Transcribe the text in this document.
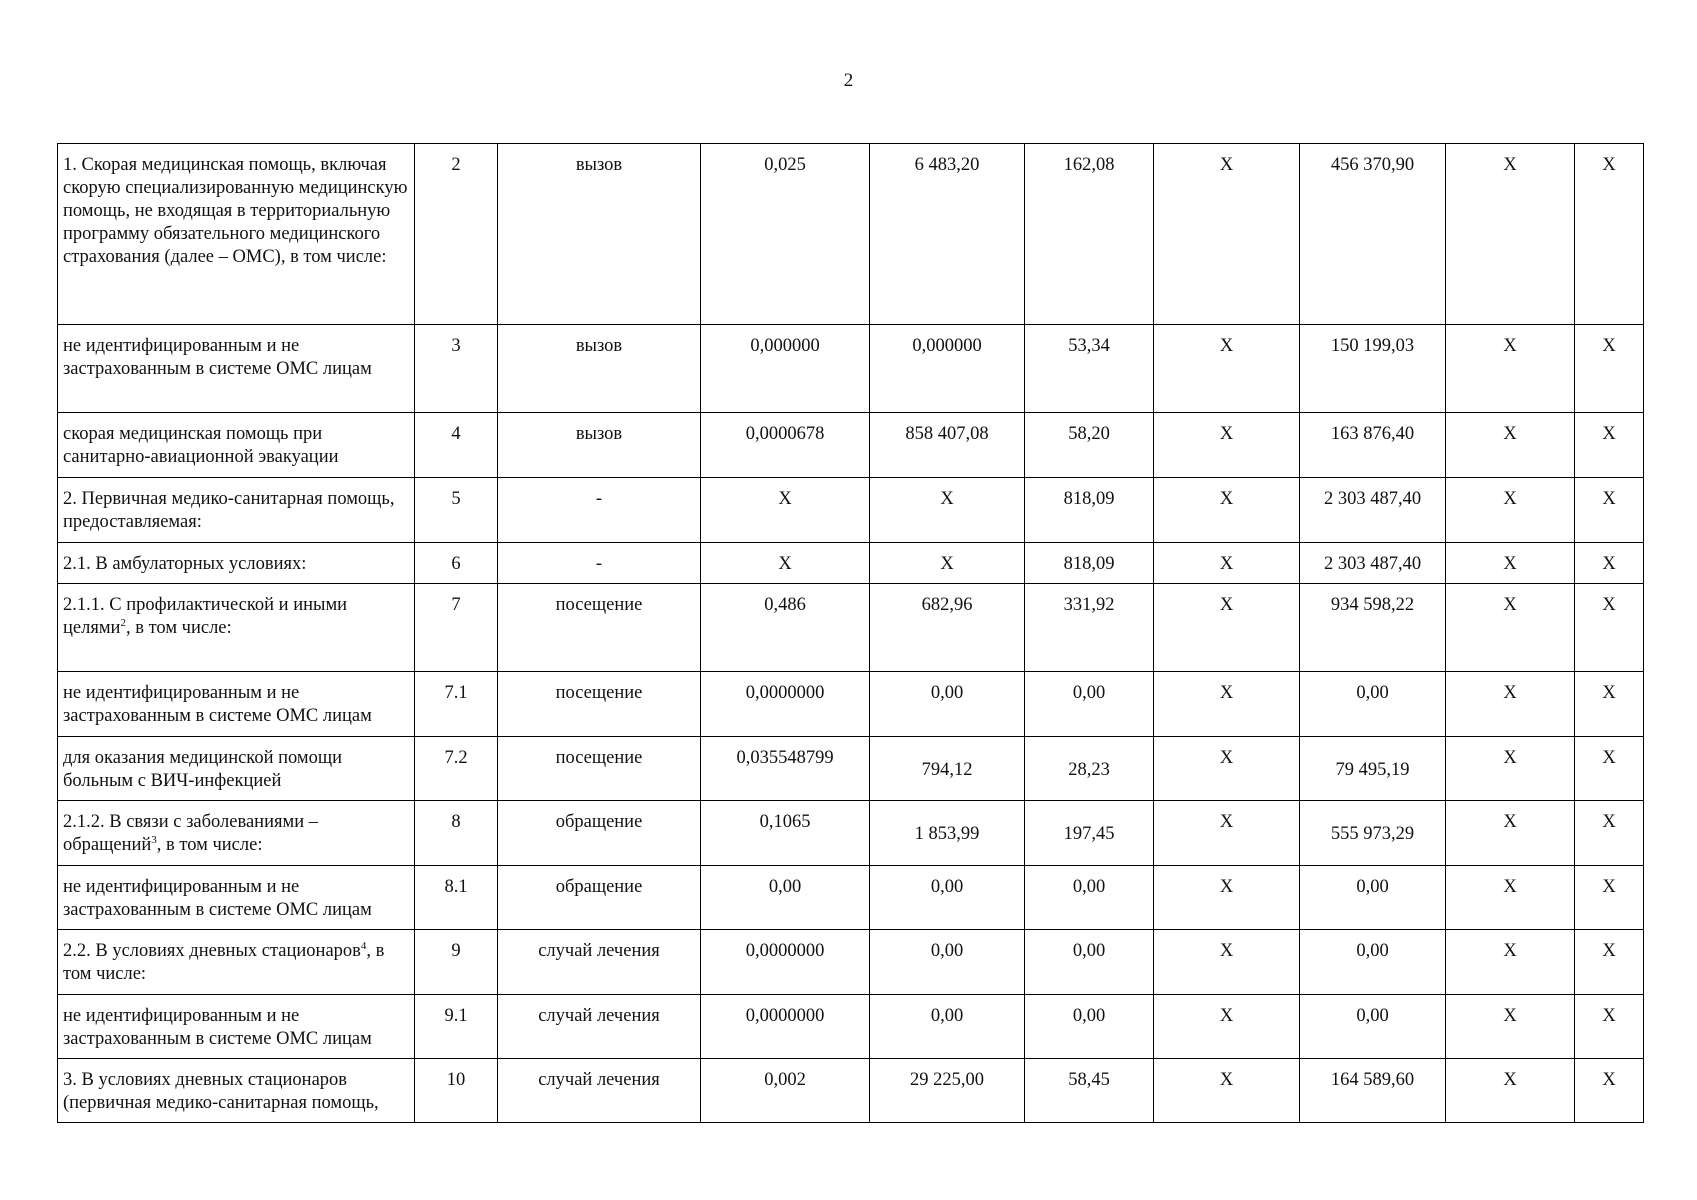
2
1. Скорая медицинская помощь, включая скорую специализированную медицинскую помощь, не входящая в территориальную программу обязательного медицинского страхования (далее – ОМС), в том числе:	2	вызов	0,025	6 483,20	162,08	X	456 370,90	X	X
не идентифицированным и не застрахованным в системе ОМС лицам	3	вызов	0,000000	0,000000	53,34	X	150 199,03	X	X
скорая медицинская помощь при санитарно-авиационной эвакуации	4	вызов	0,0000678	858 407,08	58,20	X	163 876,40	X	X
2. Первичная медико-санитарная помощь, предоставляемая:	5	-	X	X	818,09	X	2 303 487,40	X	X
2.1. В амбулаторных условиях:	6	-	X	X	818,09	X	2 303 487,40	X	X
2.1.1. С профилактической и иными целями$^2$, в том числе:	7	посещение	0,486	682,96	331,92	X	934 598,22	X	X
не идентифицированным и не застрахованным в системе ОМС лицам	7.1	посещение	0,0000000	0,00	0,00	X	0,00	X	X
для оказания медицинской помощи больным с ВИЧ-инфекцией	7.2	посещение	0,035548799	794,12	28,23	X	79 495,19	X	X
2.1.2. В связи с заболеваниями – обращений$^3$, в том числе:	8	обращение	0,1065	1 853,99	197,45	X	555 973,29	X	X
не идентифицированным и не застрахованным в системе ОМС лицам	8.1	обращение	0,00	0,00	0,00	X	0,00	X	X
2.2. В условиях дневных стационаров$^4$, в том числе:	9	случай лечения	0,0000000	0,00	0,00	X	0,00	X	X
не идентифицированным и не застрахованным в системе ОМС лицам	9.1	случай лечения	0,0000000	0,00	0,00	X	0,00	X	X
3. В условиях дневных стационаров (первичная медико-санитарная помощь,	10	случай лечения	0,002	29 225,00	58,45	X	164 589,60	X	X
